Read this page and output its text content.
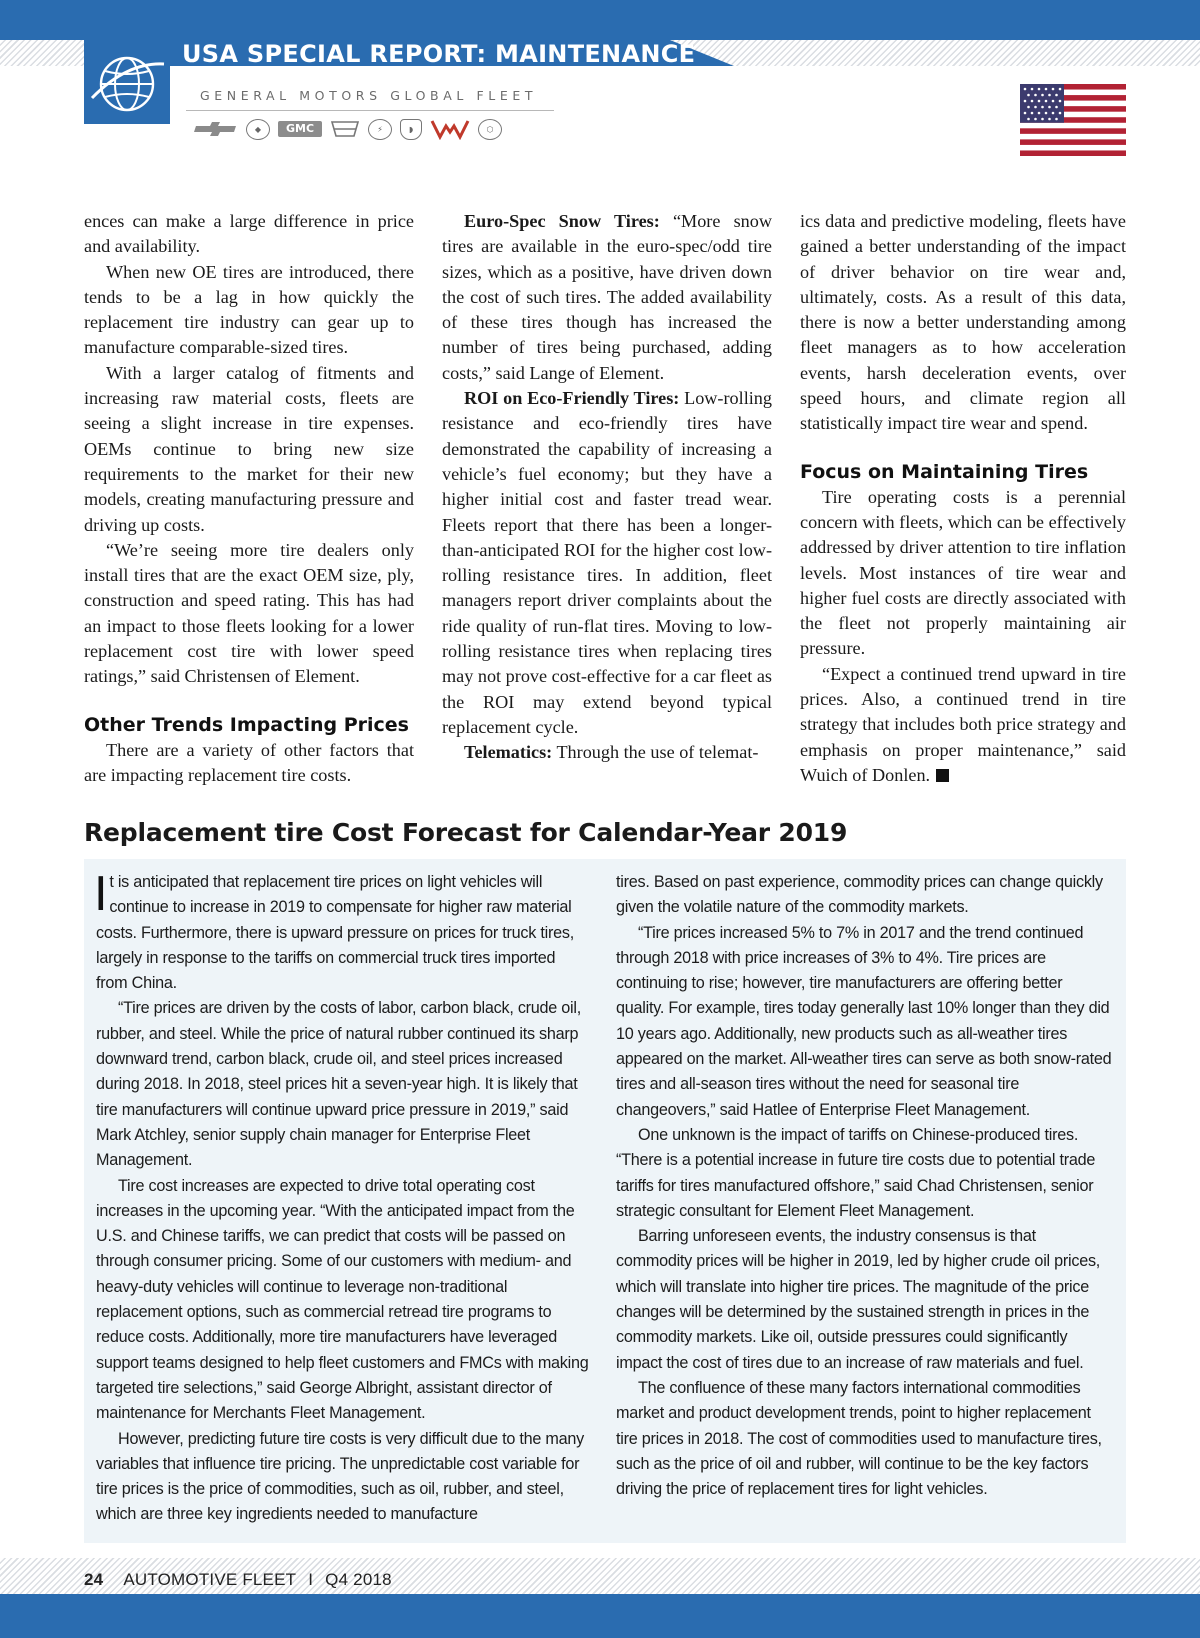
USA SPECIAL REPORT: MAINTENANCE
GENERAL MOTORS GLOBAL FLEET
◆	GMC	⚡	◗	⬡

ences can make a large difference in price and availability.

When new OE tires are introduced, there tends to be a lag in how quickly the replacement tire industry can gear up to manufacture comparable-sized tires.

With a larger catalog of fitments and increasing raw material costs, fleets are seeing a slight increase in tire expenses. OEMs continue to bring new size requirements to the market for their new models, creating manufacturing pressure and driving up costs.

“We’re seeing more tire dealers only install tires that are the exact OEM size, ply, construction and speed rating. This has had an impact to those fleets looking for a lower replacement cost tire with lower speed ratings,” said Christensen of Element.

Other Trends Impacting Prices

There are a variety of other factors that are impacting replacement tire costs.

Euro-Spec Snow Tires: “More snow tires are available in the euro-spec/odd tire sizes, which as a positive, have driven down the cost of such tires. The added availability of these tires though has increased the number of tires being purchased, adding costs,” said Lange of Element.

ROI on Eco-Friendly Tires: Low-rolling resistance and eco-friendly tires have demonstrated the capability of increasing a vehicle’s fuel economy; but they have a higher initial cost and faster tread wear. Fleets report that there has been a longer-than-anticipated ROI for the higher cost low-rolling resistance tires. In addition, fleet managers report driver complaints about the ride quality of run-flat tires. Moving to low-rolling resistance tires when replacing tires may not prove cost-effective for a car fleet as the ROI may extend beyond typical replacement cycle.

Telematics: Through the use of telemat-

ics data and predictive modeling, fleets have gained a better understanding of the impact of driver behavior on tire wear and, ultimately, costs. As a result of this data, there is now a better understanding among fleet managers as to how acceleration events, harsh deceleration events, over speed hours, and climate region all statistically impact tire wear and spend.

Focus on Maintaining Tires

Tire operating costs is a perennial concern with fleets, which can be effectively addressed by driver attention to tire inflation levels. Most instances of tire wear and higher fuel costs are directly associated with the fleet not properly maintaining air pressure.

“Expect a continued trend upward in tire prices. Also, a continued trend in tire strategy that includes both price strategy and emphasis on proper maintenance,” said Wuich of Donlen.

Replacement tire Cost Forecast for Calendar-Year 2019

It is anticipated that replacement tire prices on light vehicles will continue to increase in 2019 to compensate for higher raw material costs. Furthermore, there is upward pressure on prices for truck tires, largely in response to the tariffs on commercial truck tires imported from China.

“Tire prices are driven by the costs of labor, carbon black, crude oil, rubber, and steel. While the price of natural rubber continued its sharp downward trend, carbon black, crude oil, and steel prices increased during 2018. In 2018, steel prices hit a seven-year high. It is likely that tire manufacturers will continue upward price pressure in 2019,” said Mark Atchley, senior supply chain manager for Enterprise Fleet Management.

Tire cost increases are expected to drive total operating cost increases in the upcoming year. “With the anticipated impact from the U.S. and Chinese tariffs, we can predict that costs will be passed on through consumer pricing. Some of our customers with medium- and heavy-duty vehicles will continue to leverage non-traditional replacement options, such as commercial retread tire programs to reduce costs. Additionally, more tire manufacturers have leveraged support teams designed to help fleet customers and FMCs with making targeted tire selections,” said George Albright, assistant director of maintenance for Merchants Fleet Management.

However, predicting future tire costs is very difficult due to the many variables that influence tire pricing. The unpredictable cost variable for tire prices is the price of commodities, such as oil, rubber, and steel, which are three key ingredients needed to manufacture

tires. Based on past experience, commodity prices can change quickly given the volatile nature of the commodity markets.

“Tire prices increased 5% to 7% in 2017 and the trend continued through 2018 with price increases of 3% to 4%. Tire prices are continuing to rise; however, tire manufacturers are offering better quality. For example, tires today generally last 10% longer than they did 10 years ago. Additionally, new products such as all-weather tires appeared on the market. All-weather tires can serve as both snow-rated tires and all-season tires without the need for seasonal tire changeovers,” said Hatlee of Enterprise Fleet Management.

One unknown is the impact of tariffs on Chinese-produced tires. “There is a potential increase in future tire costs due to potential trade tariffs for tires manufactured offshore,” said Chad Christensen, senior strategic consultant for Element Fleet Management.

Barring unforeseen events, the industry consensus is that commodity prices will be higher in 2019, led by higher crude oil prices, which will translate into higher tire prices. The magnitude of the price changes will be determined by the sustained strength in prices in the commodity markets. Like oil, outside pressures could significantly impact the cost of tires due to an increase of raw materials and fuel.

The confluence of these many factors international commodities market and product development trends, point to higher replacement tire prices in 2018. The cost of commodities used to manufacture tires, such as the price of oil and rubber, will continue to be the key factors driving the price of replacement tires for light vehicles.

24 AUTOMOTIVE FLEET I Q4 2018
